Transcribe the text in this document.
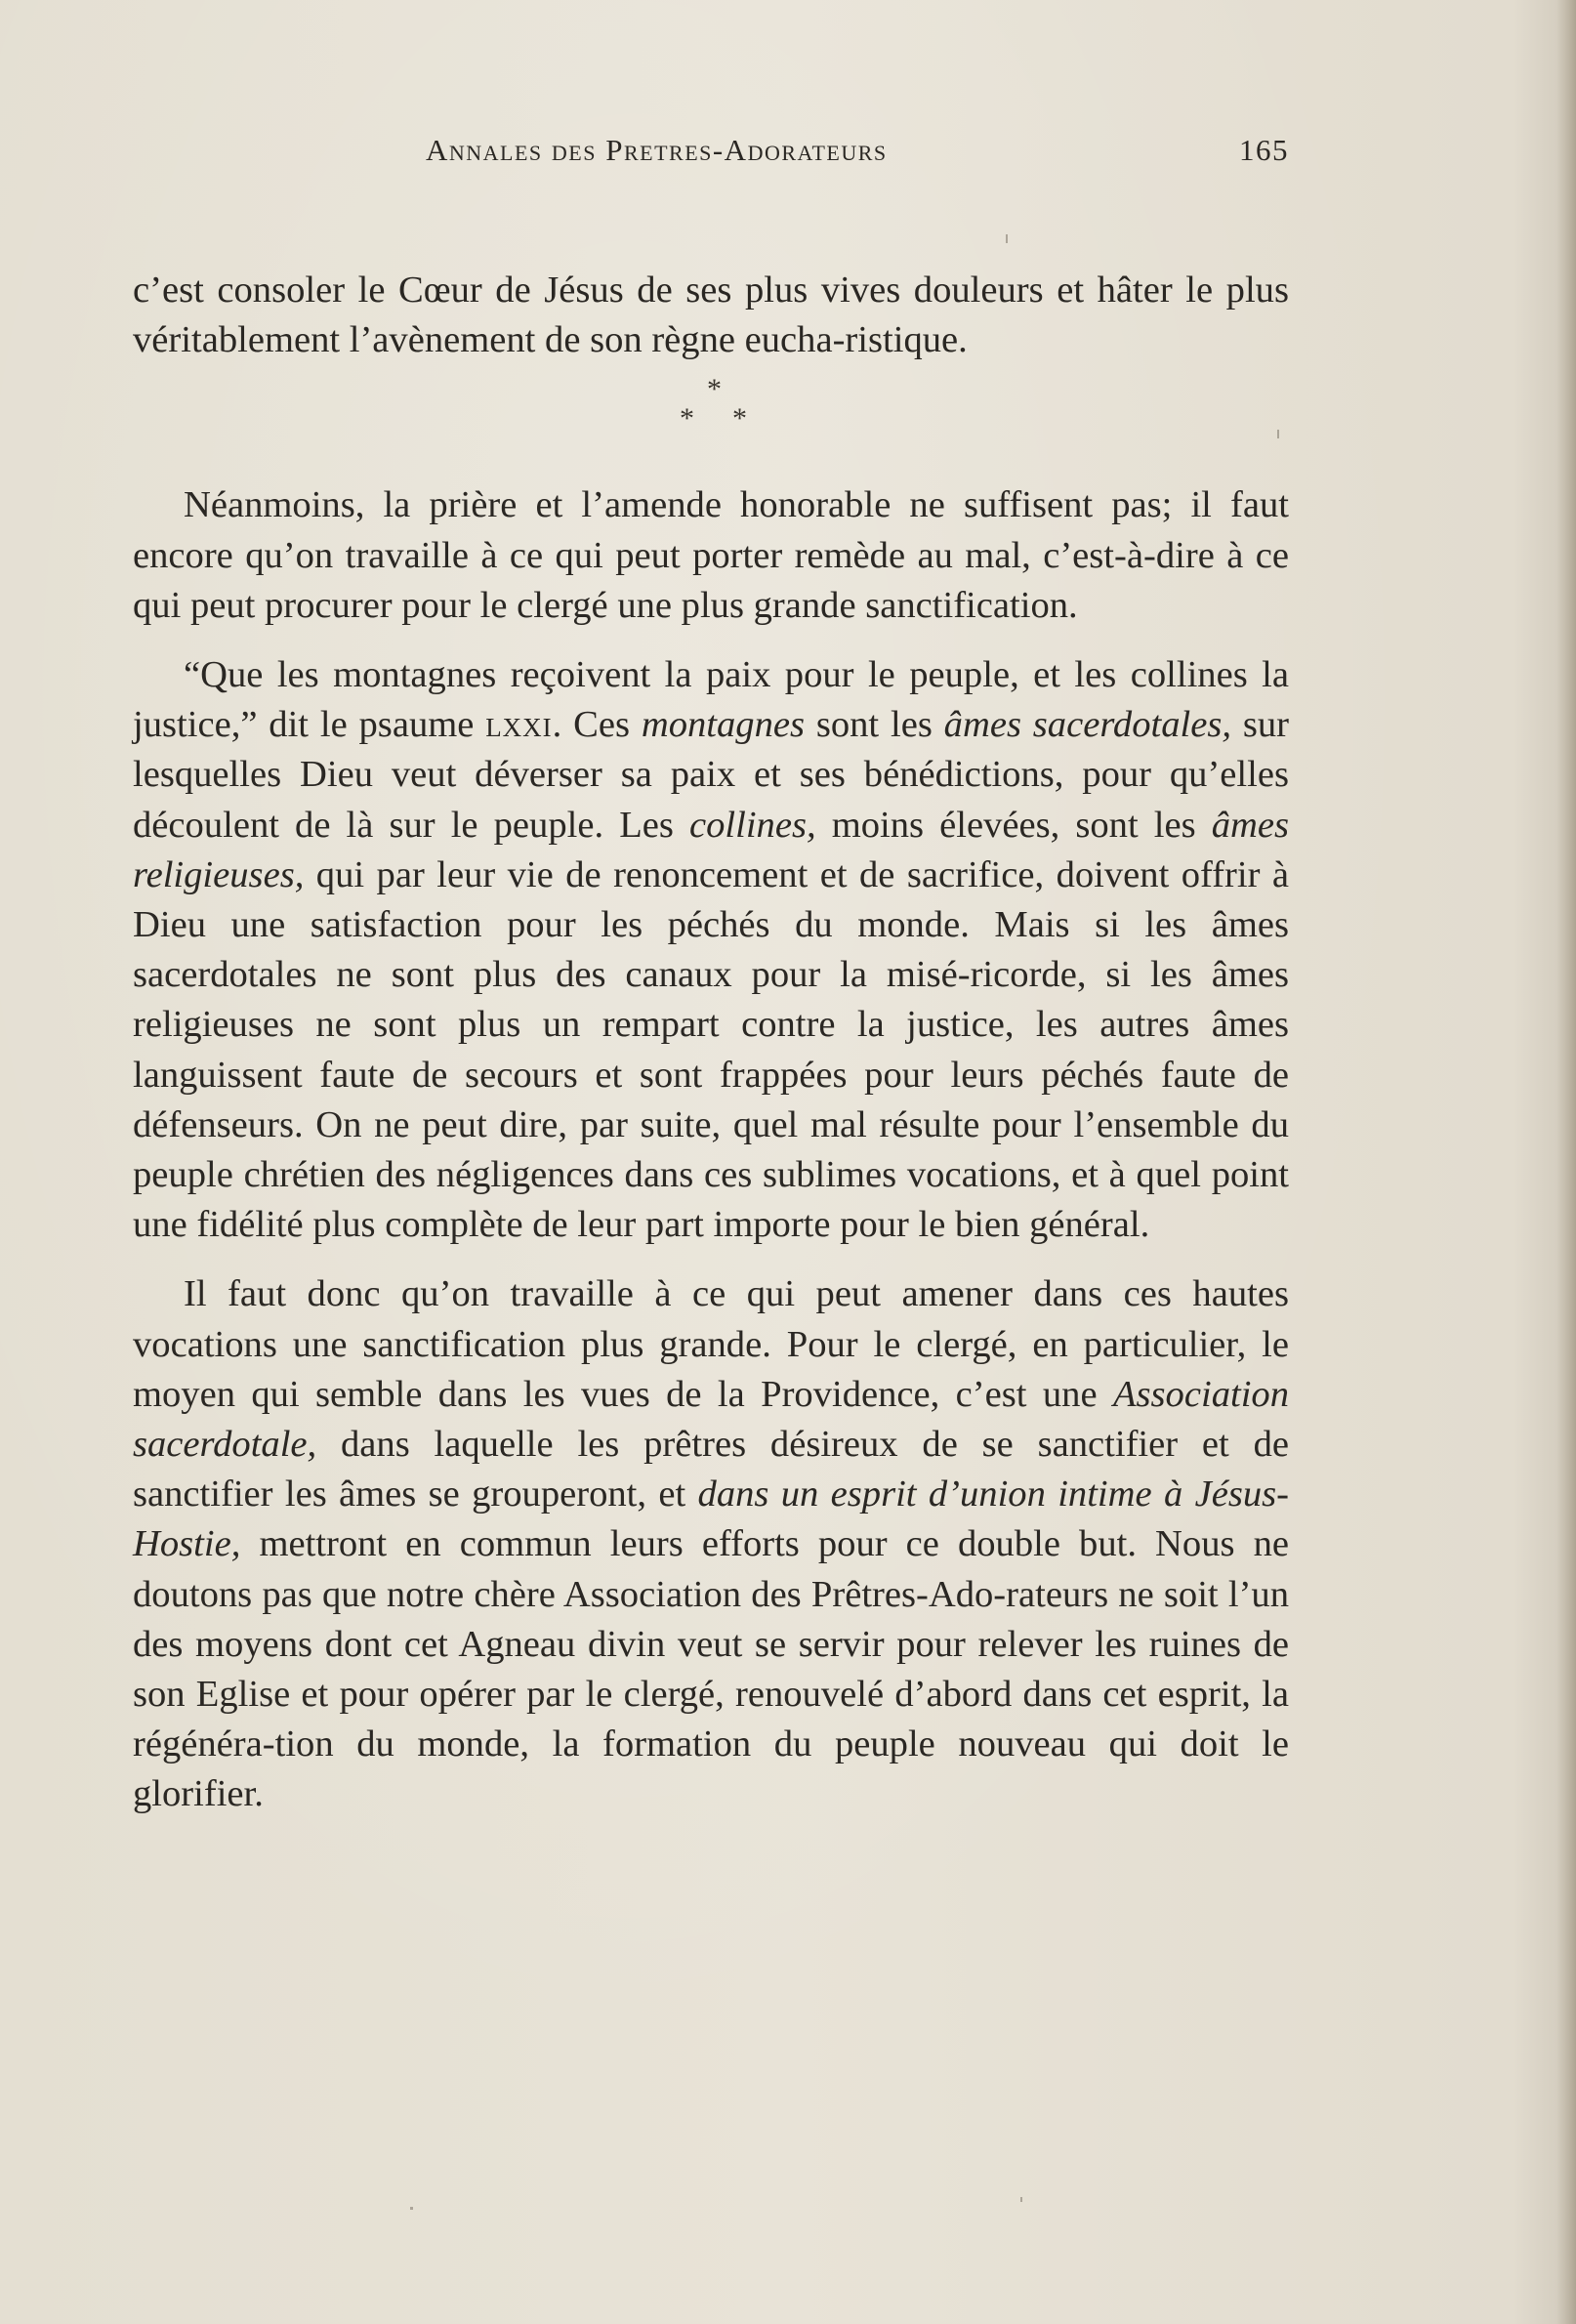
Annales des Pretres-Adorateurs	165

c’est consoler le Cœur de Jésus de ses plus vives douleurs et hâter le plus véritablement l’avènement de son règne eucha-ristique.

*
* *

Néanmoins, la prière et l’amende honorable ne suffisent pas; il faut encore qu’on travaille à ce qui peut porter remède au mal, c’est-à-dire à ce qui peut procurer pour le clergé une plus grande sanctification.

“Que les montagnes reçoivent la paix pour le peuple, et les collines la justice,” dit le psaume lxxi. Ces montagnes sont les âmes sacerdotales, sur lesquelles Dieu veut déverser sa paix et ses bénédictions, pour qu’elles découlent de là sur le peuple. Les collines, moins élevées, sont les âmes religieuses, qui par leur vie de renoncement et de sacrifice, doivent offrir à Dieu une satisfaction pour les péchés du monde. Mais si les âmes sacerdotales ne sont plus des canaux pour la misé-ricorde, si les âmes religieuses ne sont plus un rempart contre la justice, les autres âmes languissent faute de secours et sont frappées pour leurs péchés faute de défenseurs. On ne peut dire, par suite, quel mal résulte pour l’ensemble du peuple chrétien des négligences dans ces sublimes vocations, et à quel point une fidélité plus complète de leur part importe pour le bien général.

Il faut donc qu’on travaille à ce qui peut amener dans ces hautes vocations une sanctification plus grande. Pour le clergé, en particulier, le moyen qui semble dans les vues de la Providence, c’est une Association sacerdotale, dans laquelle les prêtres désireux de se sanctifier et de sanctifier les âmes se grouperont, et dans un esprit d’union intime à Jésus-Hostie, mettront en commun leurs efforts pour ce double but. Nous ne doutons pas que notre chère Association des Prêtres-Ado-rateurs ne soit l’un des moyens dont cet Agneau divin veut se servir pour relever les ruines de son Eglise et pour opérer par le clergé, renouvelé d’abord dans cet esprit, la régénéra-tion du monde, la formation du peuple nouveau qui doit le glorifier.
